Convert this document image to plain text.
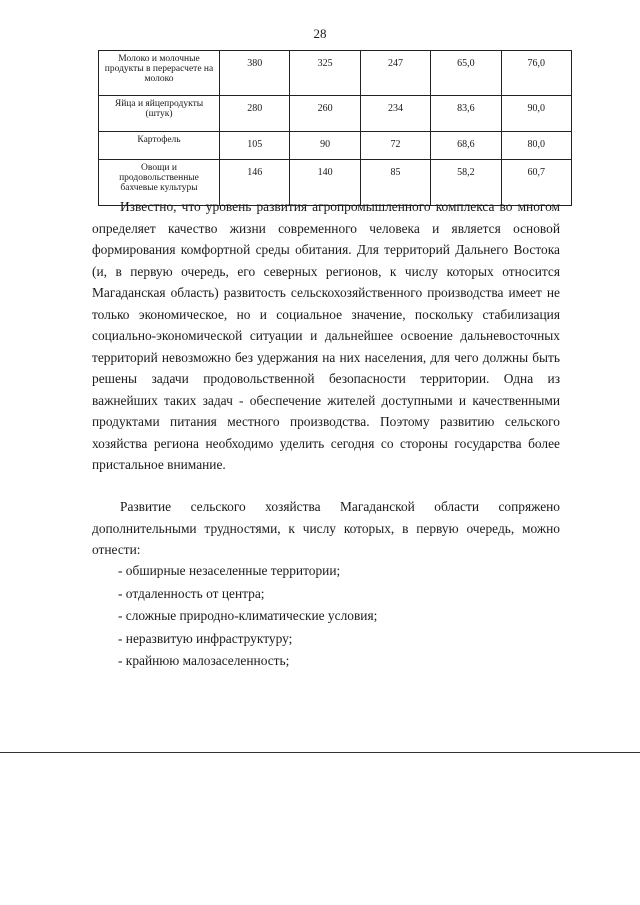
28
Молоко и молочные продукты в перерасчете на молоко	380	325	247	65,0	76,0
Яйца и яйцепродукты (штук)	280	260	234	83,6	90,0
Картофель	105	90	72	68,6	80,0
Овощи и продовольственные бахчевые культуры	146	140	85	58,2	60,7

Известно, что уровень развития агропромышленного комплекса во многом определяет качество жизни современного человека и является основой формирования комфортной среды обитания. Для территорий Дальнего Востока (и, в первую очередь, его северных регионов, к числу которых относится Магаданская область) развитость сельскохозяйственного производства имеет не только экономическое, но и социальное значение, поскольку стабилизация социально-экономической ситуации и дальнейшее освоение дальневосточных территорий невозможно без удержания на них населения, для чего должны быть решены задачи продовольственной безопасности территории. Одна из важнейших таких задач - обеспечение жителей доступными и качественными продуктами питания местного производства. Поэтому развитию сельского хозяйства региона необходимо уделить сегодня со стороны государства более пристальное внимание.

Развитие сельского хозяйства Магаданской области сопряжено дополнительными трудностями, к числу которых, в первую очередь, можно отнести:

- обширные незаселенные территории;
- отдаленность от центра;
- сложные природно-климатические условия;
- неразвитую инфраструктуру;
- крайнюю малозаселенность;
